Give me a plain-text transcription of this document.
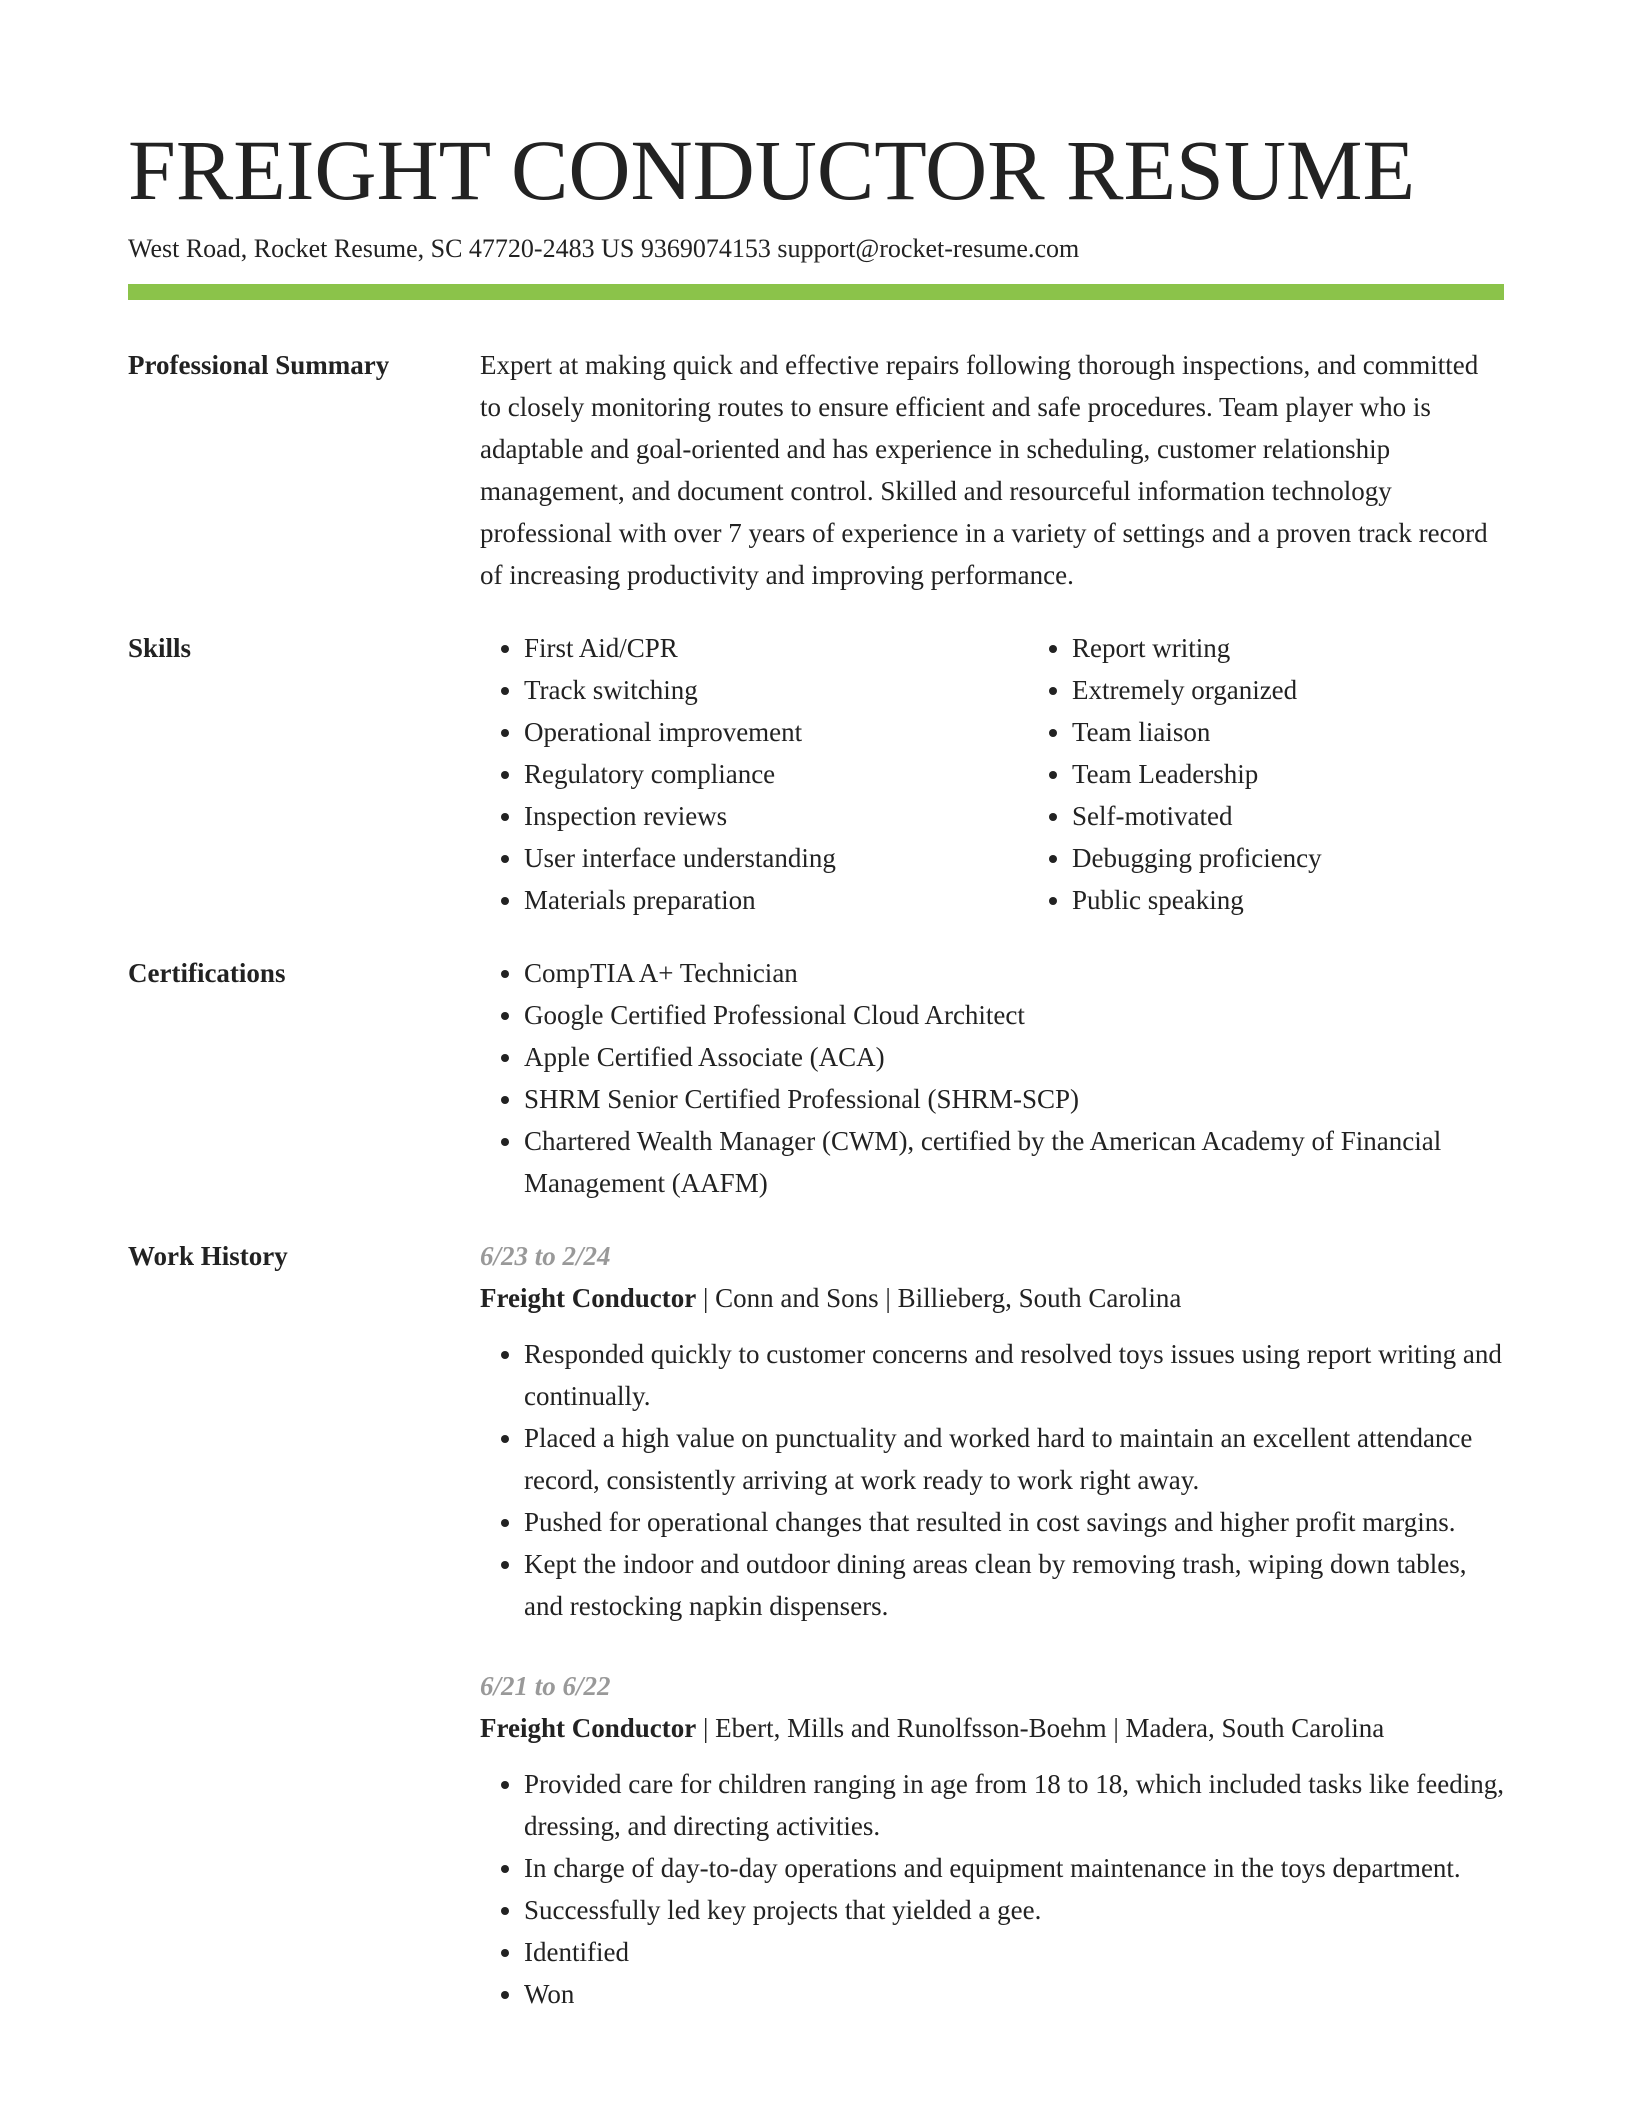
FREIGHT CONDUCTOR RESUME
West Road, Rocket Resume, SC 47720-2483 US 9369074153 support@rocket-resume.com
Professional Summary	Expert at making quick and effective repairs following thorough inspections, and committed to closely monitoring routes to ensure efficient and safe procedures. Team player who is adaptable and goal-oriented and has experience in scheduling, customer relationship management, and document control. Skilled and resourceful information technology professional with over 7 years of experience in a variety of settings and a proven track record of increasing productivity and improving performance.

Skills	• First Aid/CPR
• Track switching
• Operational improvement
• Regulatory compliance
• Inspection reviews
• User interface understanding
• Materials preparation
• Report writing
• Extremely organized
• Team liaison
• Team Leadership
• Self-motivated
• Debugging proficiency
• Public speaking
Certifications	• CompTIA A+ Technician
• Google Certified Professional Cloud Architect
• Apple Certified Associate (ACA)
• SHRM Senior Certified Professional (SHRM-SCP)
• Chartered Wealth Manager (CWM), certified by the American Academy of Financial Management (AAFM)
Work History	6/23 to 2/24
Freight Conductor | Conn and Sons | Billieberg, South Carolina
• Responded quickly to customer concerns and resolved toys issues using report writing and continually.
• Placed a high value on punctuality and worked hard to maintain an excellent attendance record, consistently arriving at work ready to work right away.
• Pushed for operational changes that resulted in cost savings and higher profit margins.
• Kept the indoor and outdoor dining areas clean by removing trash, wiping down tables, and restocking napkin dispensers.
6/21 to 6/22
Freight Conductor | Ebert, Mills and Runolfsson-Boehm | Madera, South Carolina
• Provided care for children ranging in age from 18 to 18, which included tasks like feeding, dressing, and directing activities.
• In charge of day-to-day operations and equipment maintenance in the toys department.
• Successfully led key projects that yielded a gee.
• Identified
• Won
